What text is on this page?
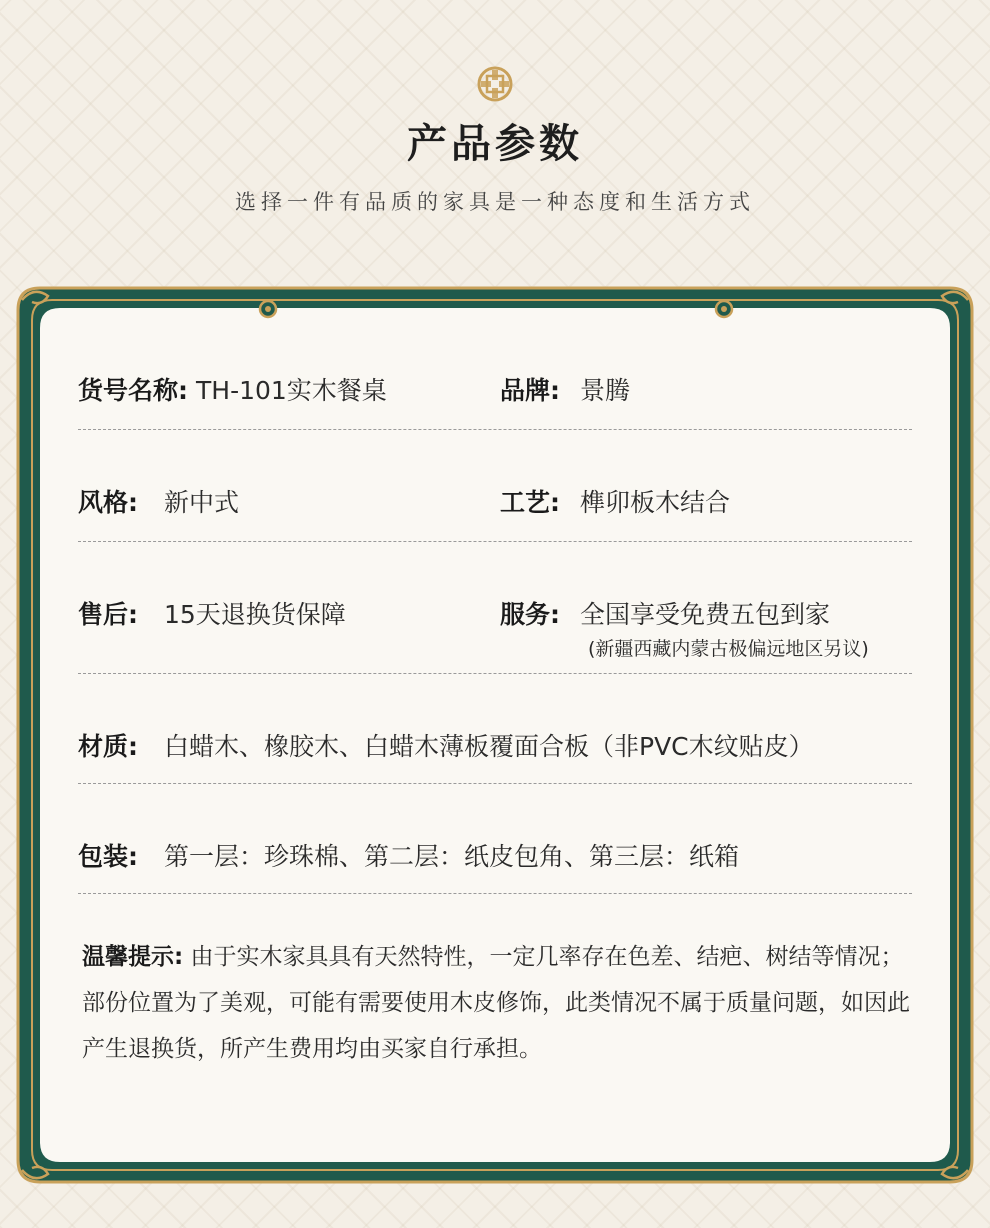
产品参数
选择一件有品质的家具是一种态度和生活方式
货号名称: TH-101实木餐桌	品牌: 景腾
风格: 新中式	工艺: 榫卯板木结合
售后: 15天退换货保障	服务: 全国享受免费五包到家
(新疆西藏内蒙古极偏远地区另议)
材质: 白蜡木、橡胶木、白蜡木薄板覆面合板（非PVC木纹贴皮）
包装: 第一层：珍珠棉、第二层：纸皮包角、第三层：纸箱
温馨提示: 由于实木家具具有天然特性，一定几率存在色差、结疤、树结等情况；部份位置为了美观，可能有需要使用木皮修饰，此类情况不属于质量问题，如因此产生退换货，所产生费用均由买家自行承担。
